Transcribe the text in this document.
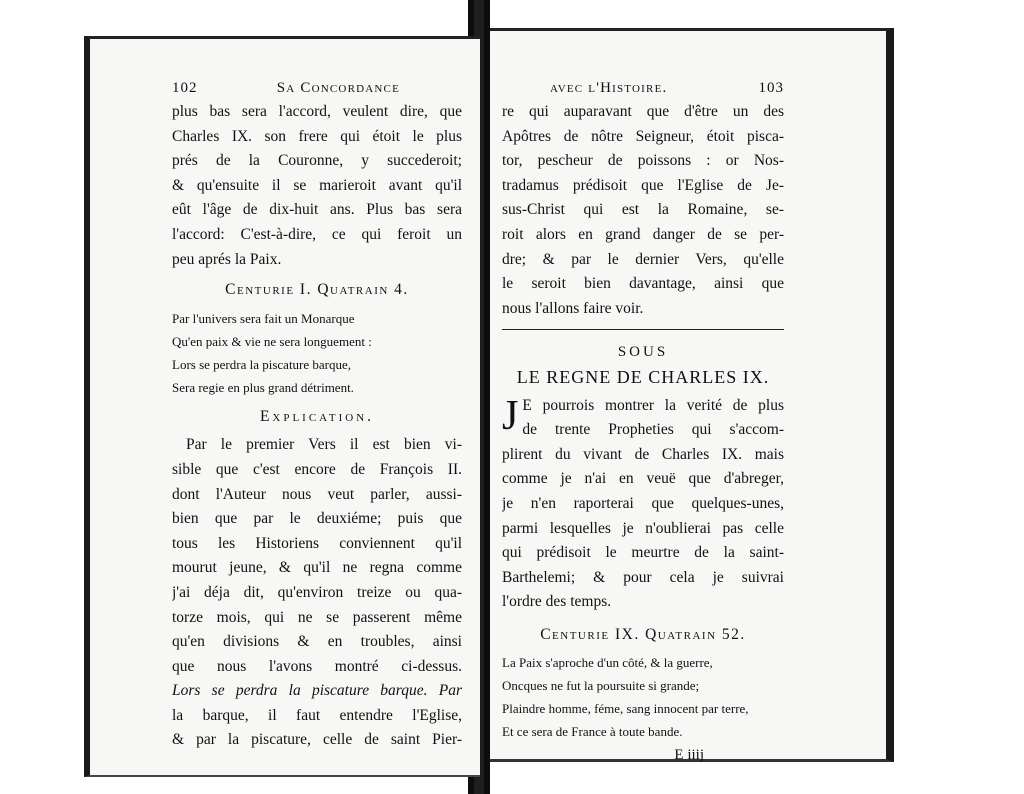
102	Sa Concordance
plus bas sera l'accord, veulent dire, que
Charles IX. son frere qui étoit le plus
prés de la Couronne, y succederoit;
& qu'ensuite il se marieroit avant qu'il
eût l'âge de dix-huit ans. Plus bas sera
l'accord: C'est-à-dire, ce qui feroit un
peu aprés la Paix.
Centurie I. Quatrain 4.
Par l'univers sera fait un Monarque
Qu'en paix & vie ne sera longuement :
Lors se perdra la piscature barque,
Sera regie en plus grand détriment.
Explication.
Par le premier Vers il est bien vi-
sible que c'est encore de François II.
dont l'Auteur nous veut parler, aussi-
bien que par le deuxiéme; puis que
tous les Historiens conviennent qu'il
mourut jeune, & qu'il ne regna comme
j'ai déja dit, qu'environ treize ou qua-
torze mois, qui ne se passerent même
qu'en divisions & en troubles, ainsi
que nous l'avons montré ci-dessus.
Lors se perdra la piscature barque. Par
la barque, il faut entendre l'Eglise,
& par la piscature, celle de saint Pier-
avec l'Histoire.	103
re qui auparavant que d'être un des
Apôtres de nôtre Seigneur, étoit pisca-
tor, pescheur de poissons : or Nos-
tradamus prédisoit que l'Eglise de Je-
sus-Christ qui est la Romaine, se-
roit alors en grand danger de se per-
dre; & par le dernier Vers, qu'elle
le seroit bien davantage, ainsi que
nous l'allons faire voir.
SOUS
LE REGNE DE CHARLES IX.
J E pourrois montrer la verité de plus
de trente Propheties qui s'accom-
plirent du vivant de Charles IX. mais
comme je n'ai en veuë que d'abreger,
je n'en raporterai que quelques-unes,
parmi lesquelles je n'oublierai pas celle
qui prédisoit le meurtre de la saint-
Barthelemi; & pour cela je suivrai
l'ordre des temps.
Centurie IX. Quatrain 52.
La Paix s'aproche d'un côté, & la guerre,
Oncques ne fut la poursuite si grande;
Plaindre homme, féme, sang innocent par terre,
Et ce sera de France à toute bande.
E iiij
